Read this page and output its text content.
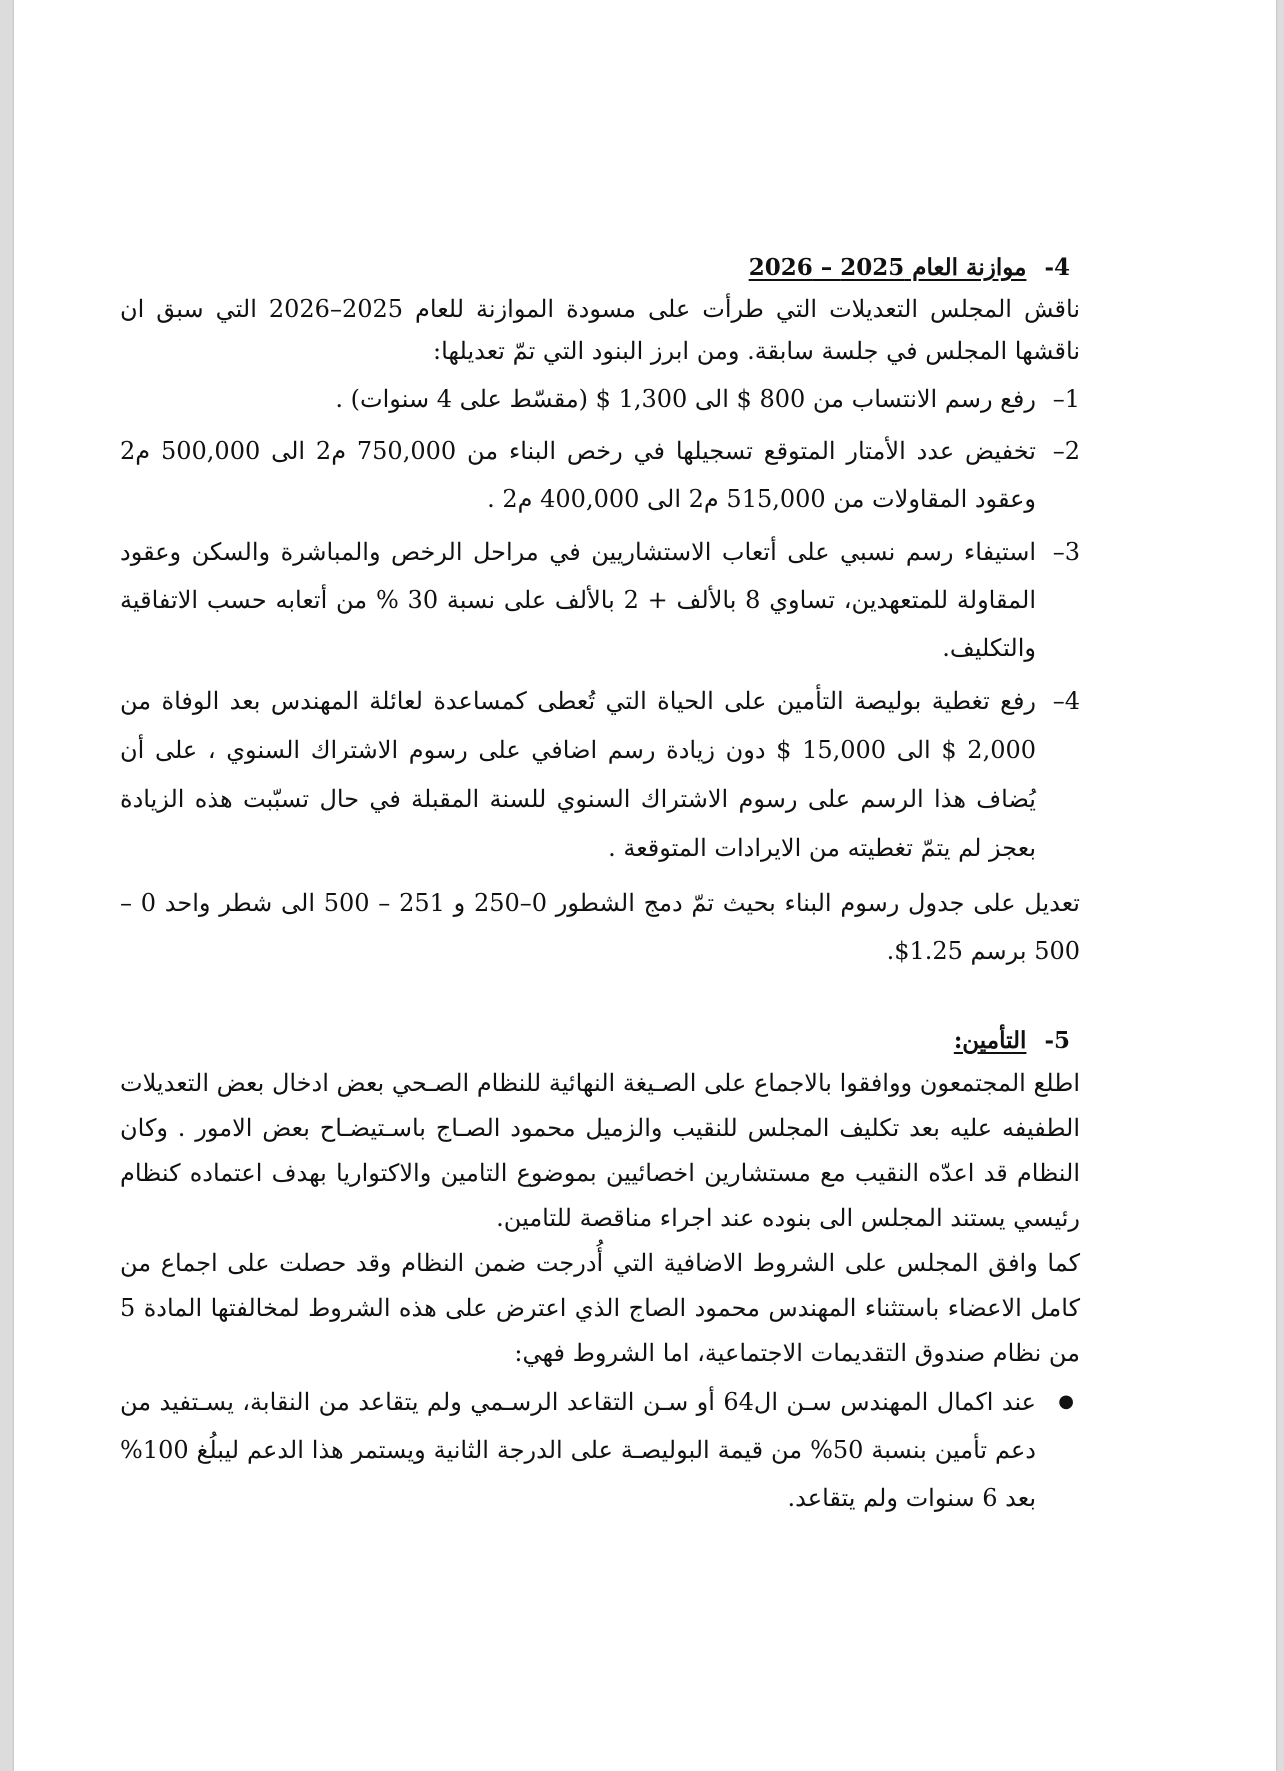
4- موازنة العام 2025 – 2026

ناقش المجلس التعديلات التي طرأت على مسودة الموازنة للعام 2025–2026 التي سبق ان ناقشها المجلس في جلسة سابقة. ومن ابرز البنود التي تمّ تعديلها:

1–
رفع رسم الانتساب من 800 $ الى 1,300 $ (مقسّط على 4 سنوات) .
2–
تخفيض عدد الأمتار المتوقع تسجيلها في رخص البناء من 750,000 م2 الى 500,000 م2 وعقود المقاولات من 515,000 م2 الى 400,000 م2 .
3–
استيفاء رسم نسبي على أتعاب الاستشاريين في مراحل الرخص والمباشرة والسكن وعقود المقاولة للمتعهدين، تساوي 8 بالألف + 2 بالألف على نسبة 30 % من أتعابه حسب الاتفاقية والتكليف.
4–
رفع تغطية بوليصة التأمين على الحياة التي تُعطى كمساعدة لعائلة المهندس بعد الوفاة من 2,000 $ الى 15,000 $ دون زيادة رسم اضافي على رسوم الاشتراك السنوي ، على أن يُضاف هذا الرسم على رسوم الاشتراك السنوي للسنة المقبلة في حال تسبّبت هذه الزيادة بعجز لم يتمّ تغطيته من الايرادات المتوقعة .

تعديل على جدول رسوم البناء بحيث تمّ دمج الشطور 0–250 و 251 – 500 الى شطر واحد 0 – 500 برسم 1.25$.

5- التأمين:

اطلع المجتمعون ووافقوا بالاجماع على الصـيغة النهائية للنظام الصـحي بعض ادخال بعض التعديلات الطفيفه عليه بعد تكليف المجلس للنقيب والزميل محمود الصـاج باسـتيضـاح بعض الامور . وكان النظام قد اعدّه النقيب مع مستشارين اخصائيين بموضوع التامين والاكتواريا بهدف اعتماده كنظام رئيسي يستند المجلس الى بنوده عند اجراء مناقصة للتامين.

كما وافق المجلس على الشروط الاضافية التي أُدرجت ضمن النظام وقد حصلت على اجماع من كامل الاعضاء باستثناء المهندس محمود الصاج الذي اعترض على هذه الشروط لمخالفتها المادة 5 من نظام صندوق التقديمات الاجتماعية، اما الشروط فهي:

●
عند اكمال المهندس سـن ال64 أو سـن التقاعد الرسـمي ولم يتقاعد من النقابة، يسـتفيد من دعم تأمين بنسبة 50% من قيمة البوليصـة على الدرجة الثانية ويستمر هذا الدعم ليبلُغ 100% بعد 6 سنوات ولم يتقاعد.
